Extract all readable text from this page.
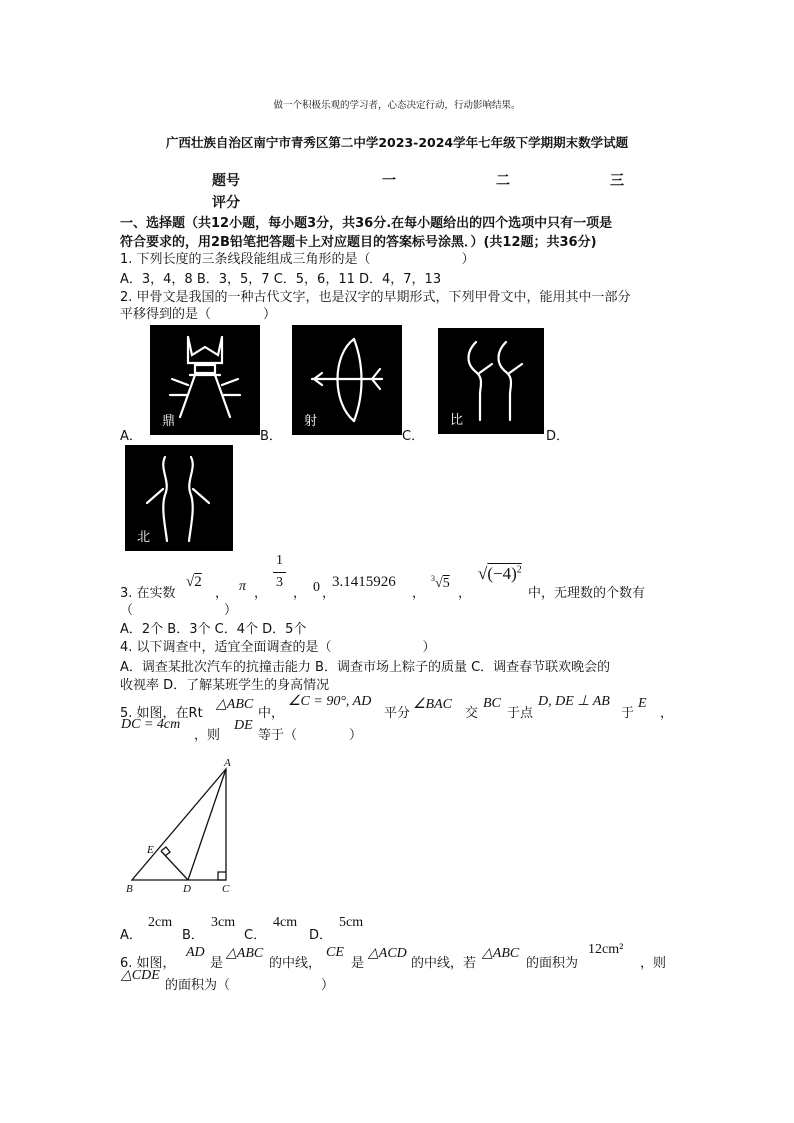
做一个积极乐观的学习者，心态决定行动，行动影响结果。
广西壮族自治区南宁市青秀区第二中学2023-2024学年七年级下学期期末数学试题
题号	一	二	三
评分
一、选择题（共12小题，每小题3分，共36分.在每小题给出的四个选项中只有一项是
符合要求的，用2B铅笔把答题卡上对应题目的答案标号涂黑．）(共12题；共36分)
1. 下列长度的三条线段能组成三角形的是（　　　　　　　）
A．3，4，8 B．3，5，7 C．5，6，11 D．4，7，13
2. 甲骨文是我国的一种古代文字，也是汉字的早期形式，下列甲骨文中，能用其中一部分
平移得到的是（　　　　）
A．
鼎
B．
射
C．
比
D．
北
3. 在实数
√2
， π ，
1
3
， 0 ，
3.1415926
，
3 √5
，
$√(-4)^2$
中，无理数的个数有
（　　　　　　　）
A．2个 B．3个 C．4个 D．5个
4. 以下调查中，适宜全面调查的是（　　　　　　　）
A．调查某批次汽车的抗撞击能力 B．调查市场上粽子的质量 C．调查春节联欢晚会的
收视率 D．了解某班学生的身高情况
5. 如图，在Rt
△ABC
中，
∠C = 90°, AD
平分
∠BAC
交
BC
于点
D, DE ⊥ AB
于
E
，
DC = 4cm
，则
DE
等于（　　　　）
A
B	C
D
E
A．
2cm
B．
3cm
C．
4cm
D．
5cm
6. 如图，
AD
是
△ABC
的中线，
CE
是
△ACD
的中线，若
△ABC
的面积为
12cm²
，则
△CDE
的面积为（　　　　　　　）
